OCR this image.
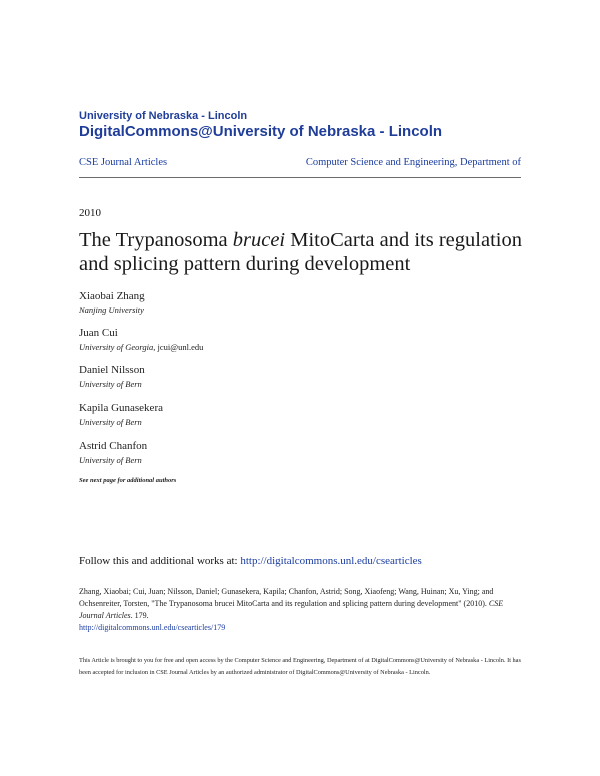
University of Nebraska - Lincoln
DigitalCommons@University of Nebraska - Lincoln
CSE Journal Articles	Computer Science and Engineering, Department of
2010
The Trypanosoma brucei MitoCarta and its regulation and splicing pattern during development
Xiaobai Zhang
Nanjing University
Juan Cui
University of Georgia, jcui@unl.edu
Daniel Nilsson
University of Bern
Kapila Gunasekera
University of Bern
Astrid Chanfon
University of Bern
See next page for additional authors
Follow this and additional works at: http://digitalcommons.unl.edu/csearticles
Zhang, Xiaobai; Cui, Juan; Nilsson, Daniel; Gunasekera, Kapila; Chanfon, Astrid; Song, Xiaofeng; Wang, Huinan; Xu, Ying; and Ochsenreiter, Torsten, "The Trypanosoma brucei MitoCarta and its regulation and splicing pattern during development" (2010). CSE Journal Articles. 179.
http://digitalcommons.unl.edu/csearticles/179
This Article is brought to you for free and open access by the Computer Science and Engineering, Department of at DigitalCommons@University of Nebraska - Lincoln. It has been accepted for inclusion in CSE Journal Articles by an authorized administrator of DigitalCommons@University of Nebraska - Lincoln.
